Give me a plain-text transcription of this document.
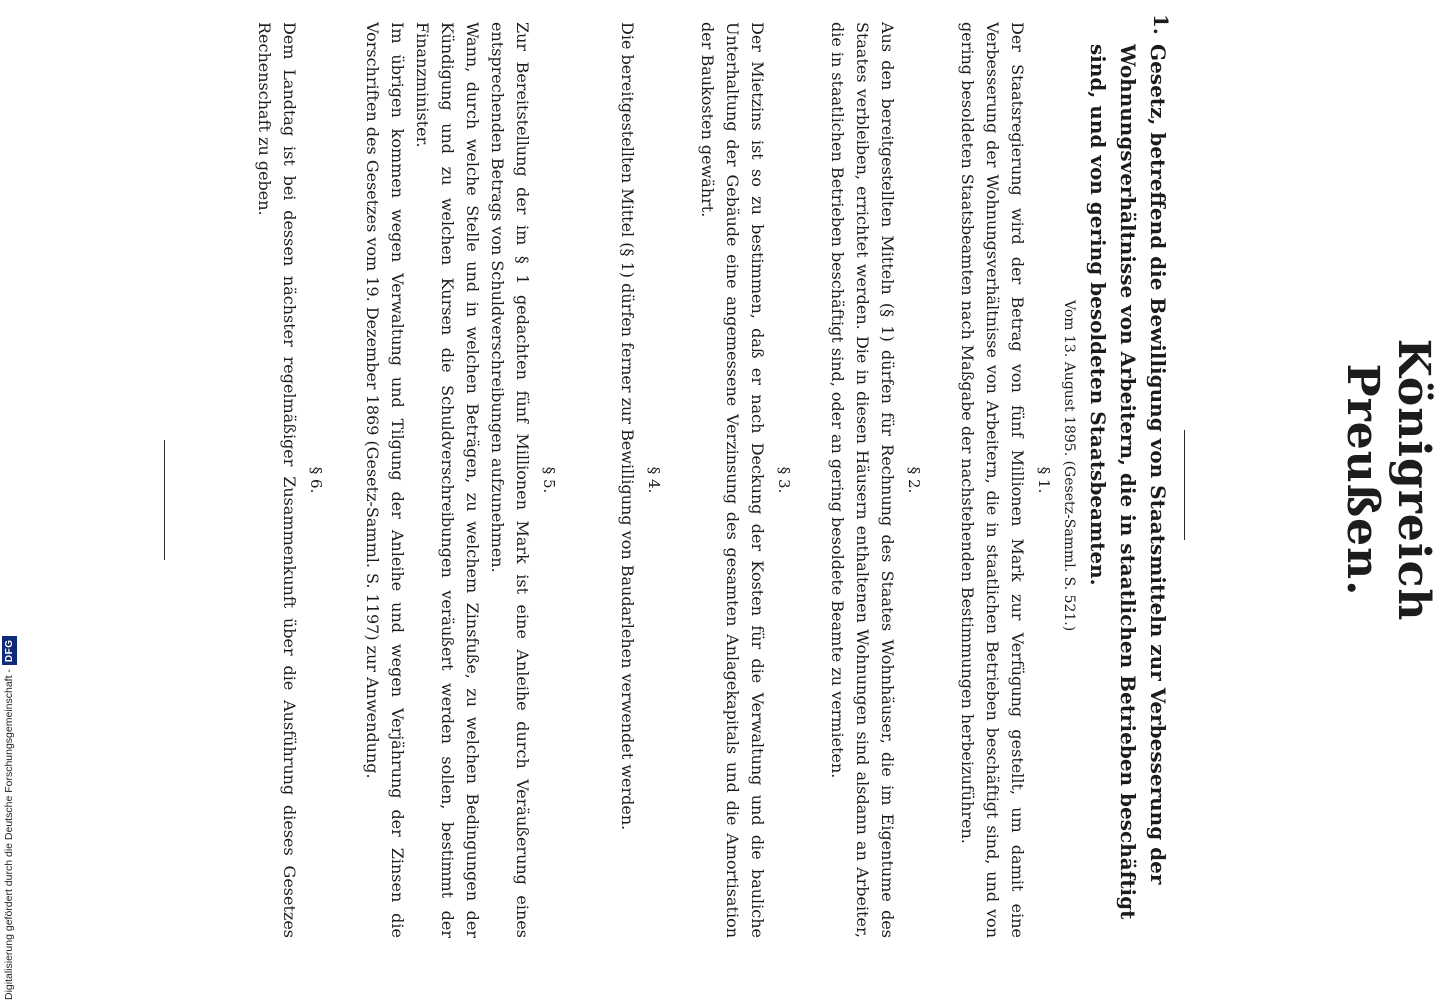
Königreich Preußen.
1.
Gesetz, betreffend die Bewilligung von Staatsmitteln zur Verbesserung der Wohnungsverhältnisse von Arbeitern, die in staatlichen Betrieben beschäftigt sind, und von gering besoldeten Staatsbeamten.
Vom 13. August 1895. (Gesetz-Samml. S. 521.)
§ 1.

Der Staatsregierung wird der Betrag von fünf Millionen Mark zur Verfügung gestellt, um damit eine Verbesserung der Wohnungsverhältnisse von Arbeitern, die in staatlichen Betrieben beschäftigt sind, und von gering besoldeten Staatsbeamten nach Maßgabe der nachstehenden Bestimmungen herbeizuführen.

§ 2.

Aus den bereitgestellten Mitteln (§ 1) dürfen für Rechnung des Staates Wohnhäuser, die im Eigentume des Staates verbleiben, errichtet werden. Die in diesen Häusern enthaltenen Wohnungen sind alsdann an Arbeiter, die in staatlichen Betrieben beschäftigt sind, oder an gering besoldete Beamte zu vermieten.

§ 3.

Der Mietzins ist so zu bestimmen, daß er nach Deckung der Kosten für die Verwaltung und die bauliche Unterhaltung der Gebäude eine angemessene Verzinsung des gesamten Anlagekapitals und die Amortisation der Baukosten gewährt.

§ 4.

Die bereitgestellten Mittel (§ 1) dürfen ferner zur Bewilligung von Baudarlehen verwendet werden.

§ 5.

Zur Bereitstellung der im § 1 gedachten fünf Millionen Mark ist eine Anleihe durch Veräußerung eines entsprechenden Betrags von Schuldverschreibungen aufzunehmen.
Wann, durch welche Stelle und in welchen Beträgen, zu welchem Zinsfuße, zu welchen Bedingungen der Kündigung und zu welchen Kursen die Schuldverschreibungen veräußert werden sollen, bestimmt der Finanzminister.
Im übrigen kommen wegen Verwaltung und Tilgung der Anleihe und wegen Verjährung der Zinsen die Vorschriften des Gesetzes vom 19. Dezember 1869 (Gesetz-Samml. S. 1197) zur Anwendung.

§ 6.

Dem Landtag ist bei dessen nächster regelmäßiger Zusammenkunft über die Ausführung dieses Gesetzes Rechenschaft zu geben.

Digitalisierung gefördert durch die Deutsche Forschungsgemeinschaft -
DFG
